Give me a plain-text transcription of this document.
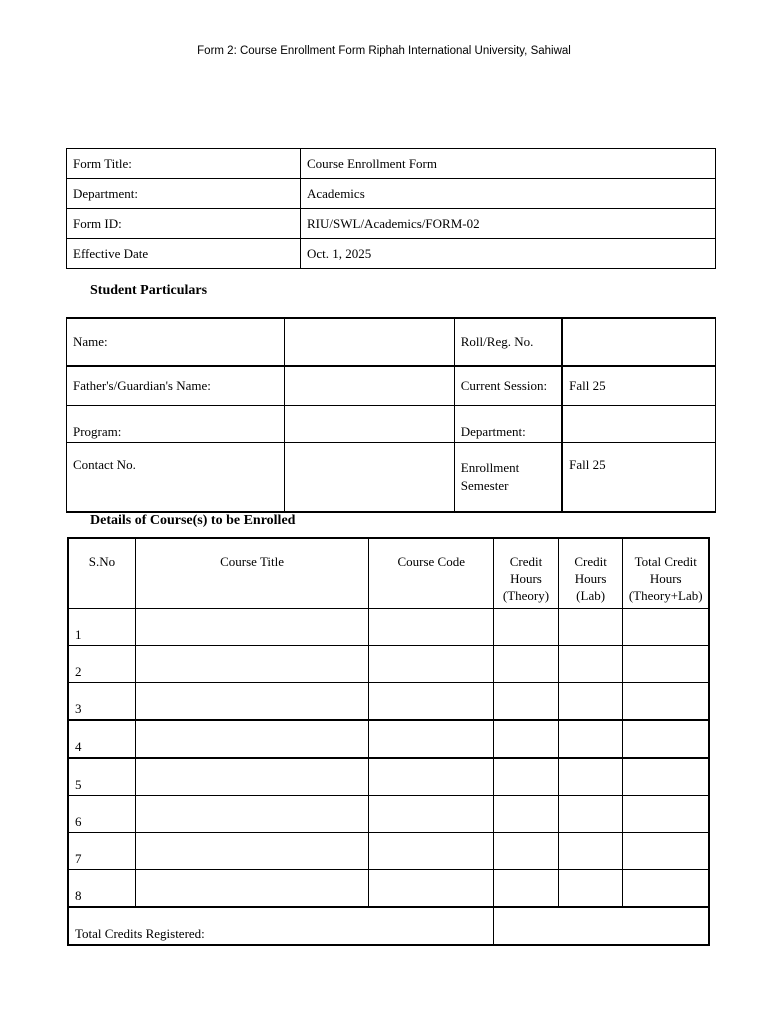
Form 2: Course Enrollment Form Riphah International University, Sahiwal
Form Title:	Course Enrollment Form
Department:	Academics
Form ID:	RIU/SWL/Academics/FORM-02
Effective Date	Oct. 1, 2025
Student Particulars
Name:		Roll/Reg. No.	
Father's/Guardian's Name:		Current Session:	Fall 25
Program:		Department:	
Contact No.		Enrollment Semester	Fall 25
Details of Course(s) to be Enrolled
S.No	Course Title	Course Code	Credit Hours (Theory)	Credit Hours (Lab)	Total Credit Hours (Theory+Lab)
1					
2					
3					
4					
5					
6					
7					
8					
Total Credits Registered:					
